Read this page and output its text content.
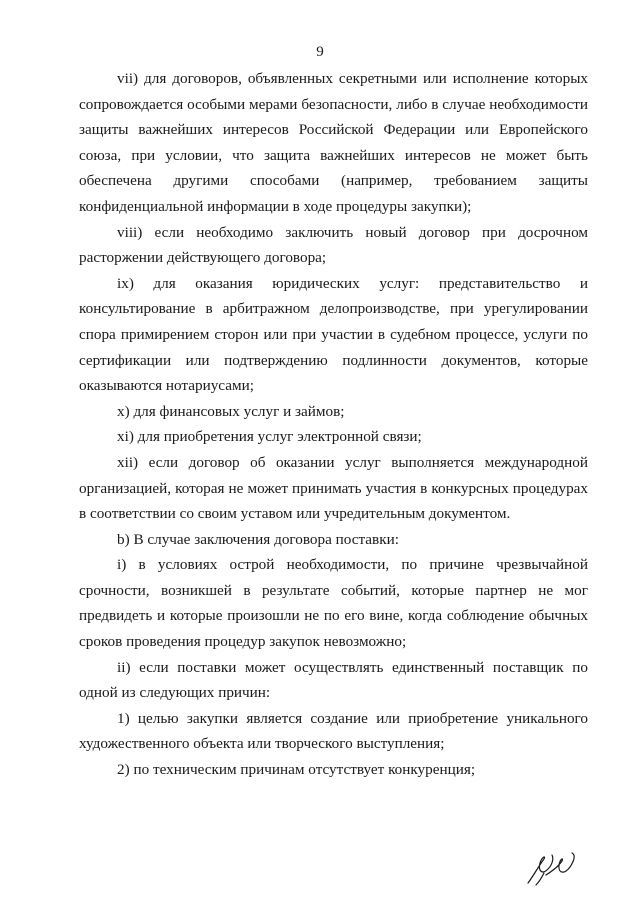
9

vii) для договоров, объявленных секретными или исполнение которых сопровождается особыми мерами безопасности, либо в случае необходимости защиты важнейших интересов Российской Федерации или Европейского союза, при условии, что защита важнейших интересов не может быть обеспечена другими способами (например, требованием защиты конфиденциальной информации в ходе процедуры закупки);

viii) если необходимо заключить новый договор при досрочном расторжении действующего договора;

ix) для оказания юридических услуг: представительство и консультирование в арбитражном делопроизводстве, при урегулировании спора примирением сторон или при участии в судебном процессе, услуги по сертификации или подтверждению подлинности документов, которые оказываются нотариусами;

x) для финансовых услуг и займов;

xi) для приобретения услуг электронной связи;

xii) если договор об оказании услуг выполняется международной организацией, которая не может принимать участия в конкурсных процедурах в соответствии со своим уставом или учредительным документом.

b) В случае заключения договора поставки:

i) в условиях острой необходимости, по причине чрезвычайной срочности, возникшей в результате событий, которые партнер не мог предвидеть и которые произошли не по его вине, когда соблюдение обычных сроков проведения процедур закупок невозможно;

ii) если поставки может осуществлять единственный поставщик по одной из следующих причин:

1) целью закупки является создание или приобретение уникального художественного объекта или творческого выступления;

2) по техническим причинам отсутствует конкуренция;
